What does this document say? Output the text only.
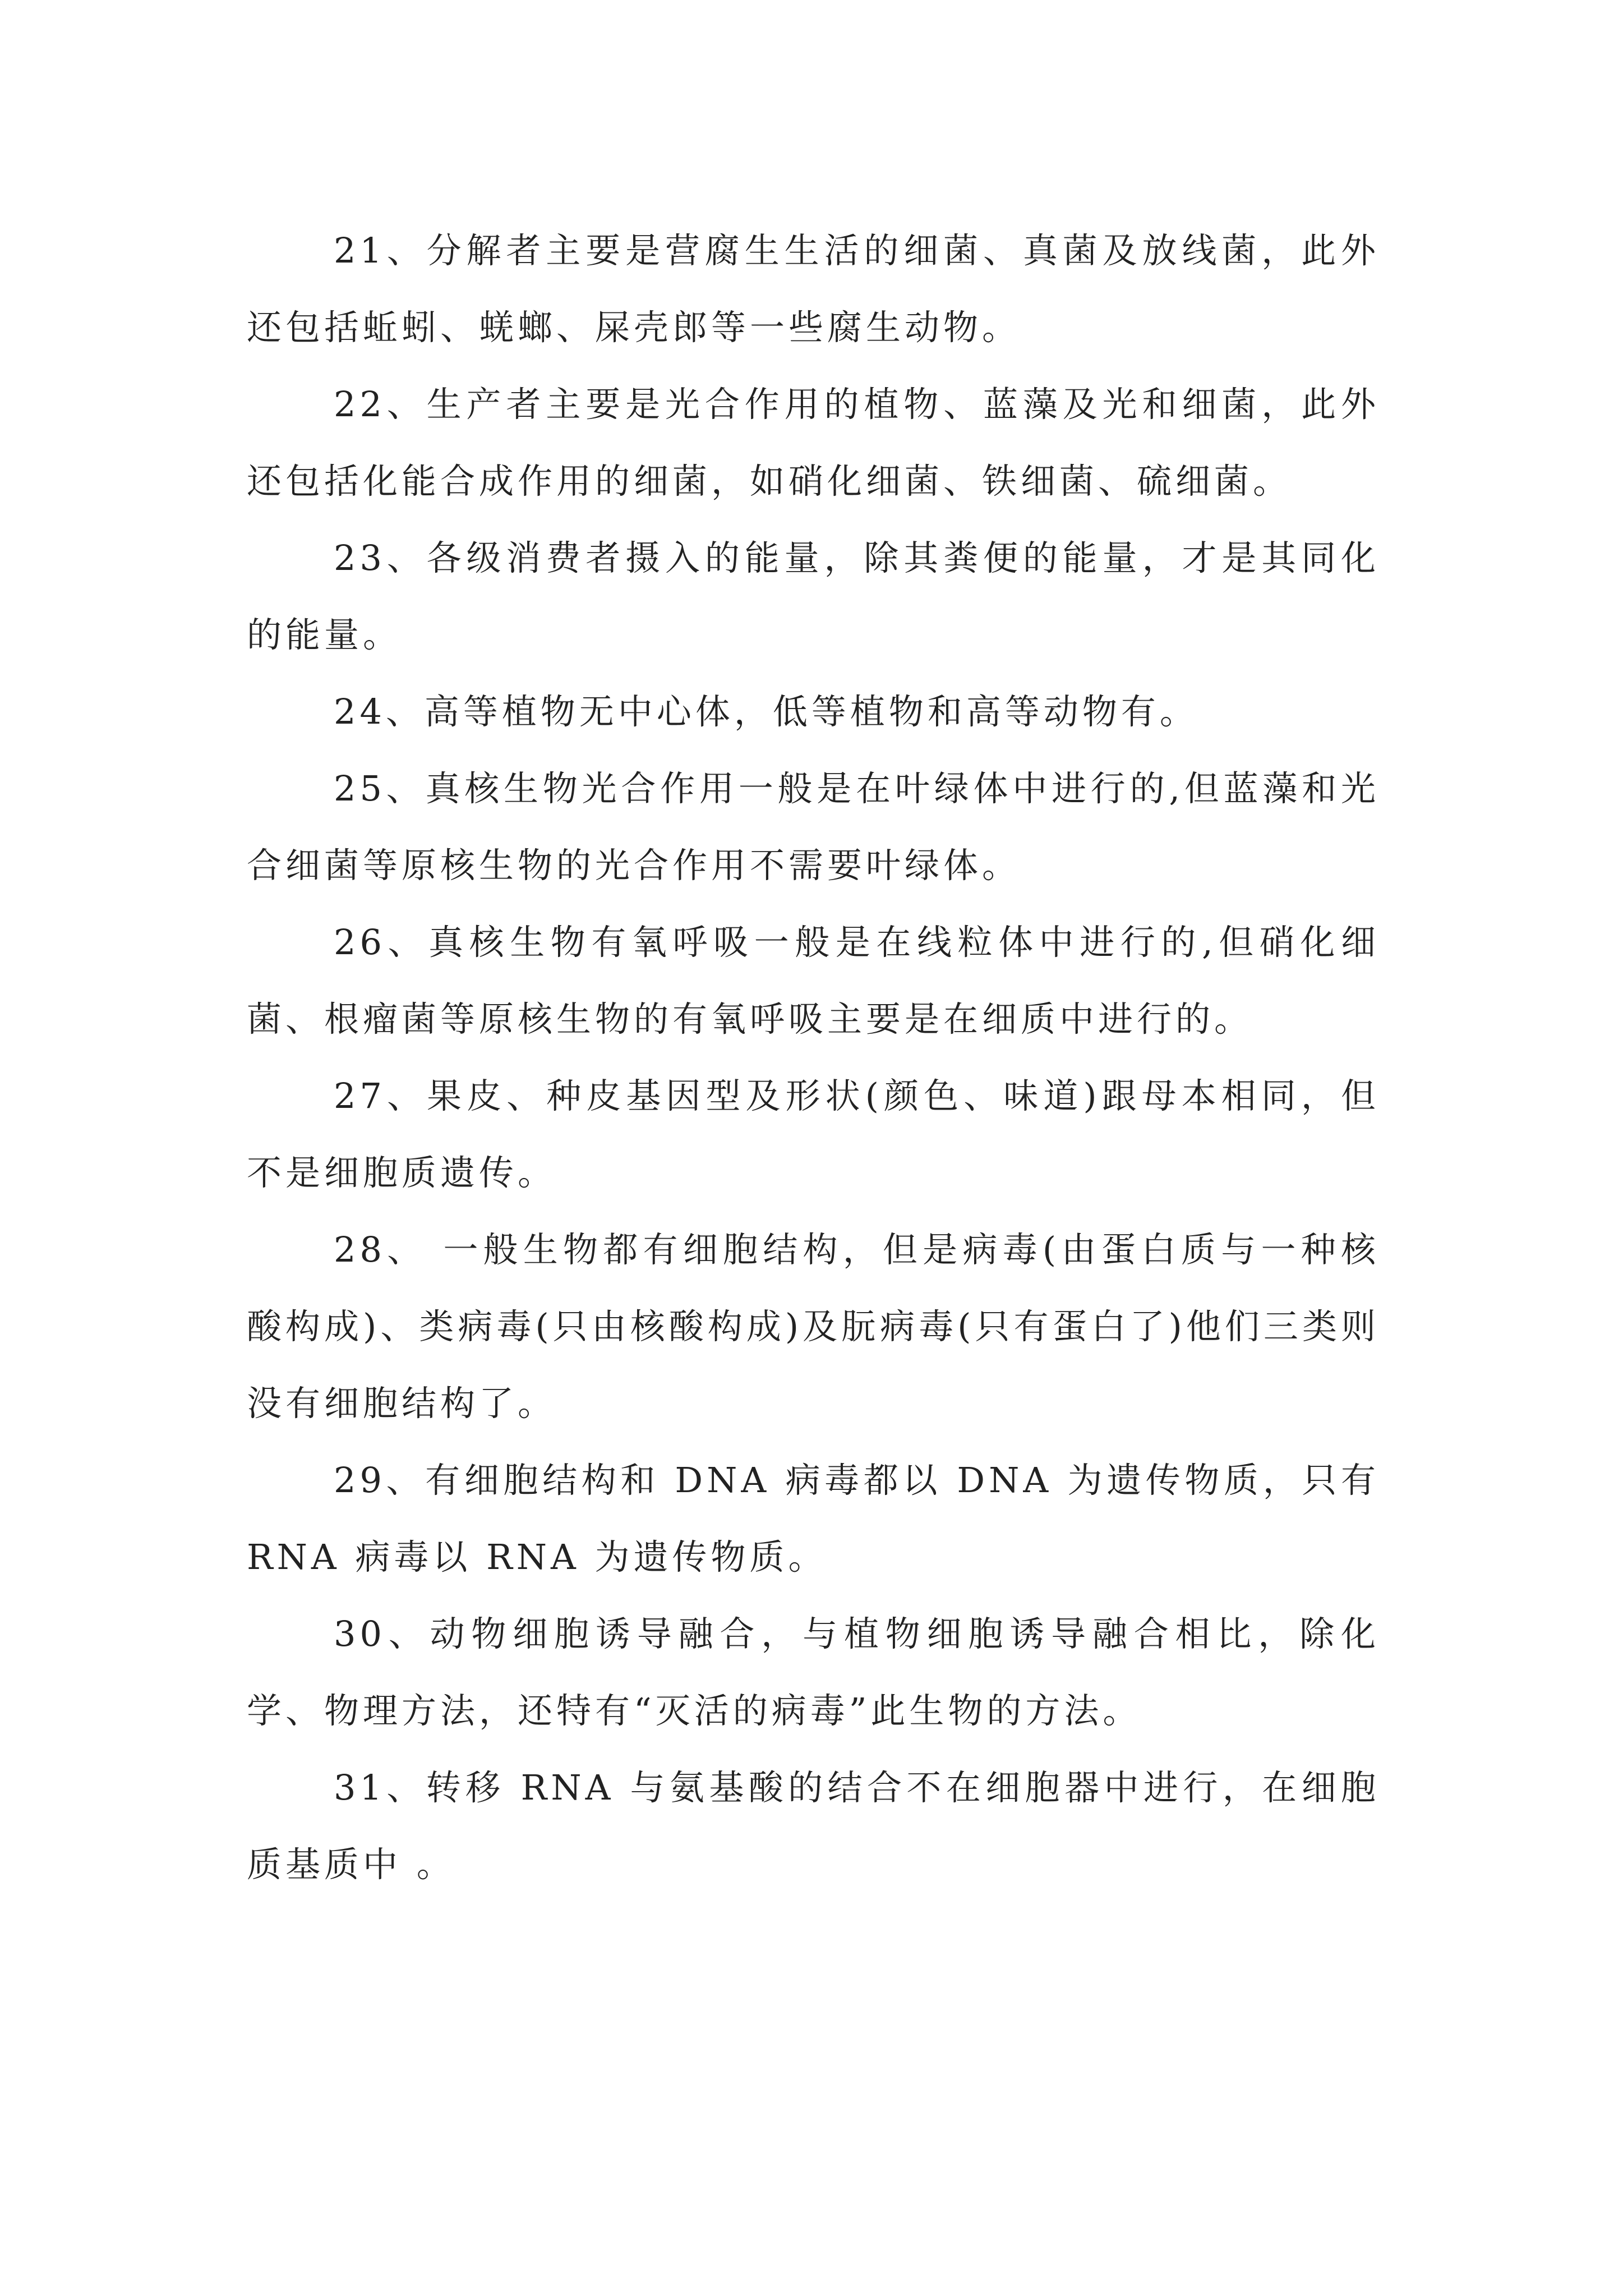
21、分解者主要是营腐生生活的细菌、真菌及放线菌，此外还包括蚯蚓、蜣螂、屎壳郎等一些腐生动物。

22、生产者主要是光合作用的植物、蓝藻及光和细菌，此外还包括化能合成作用的细菌，如硝化细菌、铁细菌、硫细菌。

23、各级消费者摄入的能量，除其粪便的能量，才是其同化的能量。

24、高等植物无中心体，低等植物和高等动物有。

25、真核生物光合作用一般是在叶绿体中进行的,但蓝藻和光合细菌等原核生物的光合作用不需要叶绿体。

26、真核生物有氧呼吸一般是在线粒体中进行的,但硝化细菌、根瘤菌等原核生物的有氧呼吸主要是在细质中进行的。

27、果皮、种皮基因型及形状(颜色、味道)跟母本相同，但不是细胞质遗传。

28、 一般生物都有细胞结构，但是病毒(由蛋白质与一种核酸构成)、类病毒(只由核酸构成)及朊病毒(只有蛋白了)他们三类则没有细胞结构了。

29、有细胞结构和 DNA 病毒都以 DNA 为遗传物质，只有 RNA 病毒以 RNA 为遗传物质。

30、动物细胞诱导融合，与植物细胞诱导融合相比，除化学、物理方法，还特有“灭活的病毒”此生物的方法。

31、转移 RNA 与氨基酸的结合不在细胞器中进行，在细胞质基质中 。
